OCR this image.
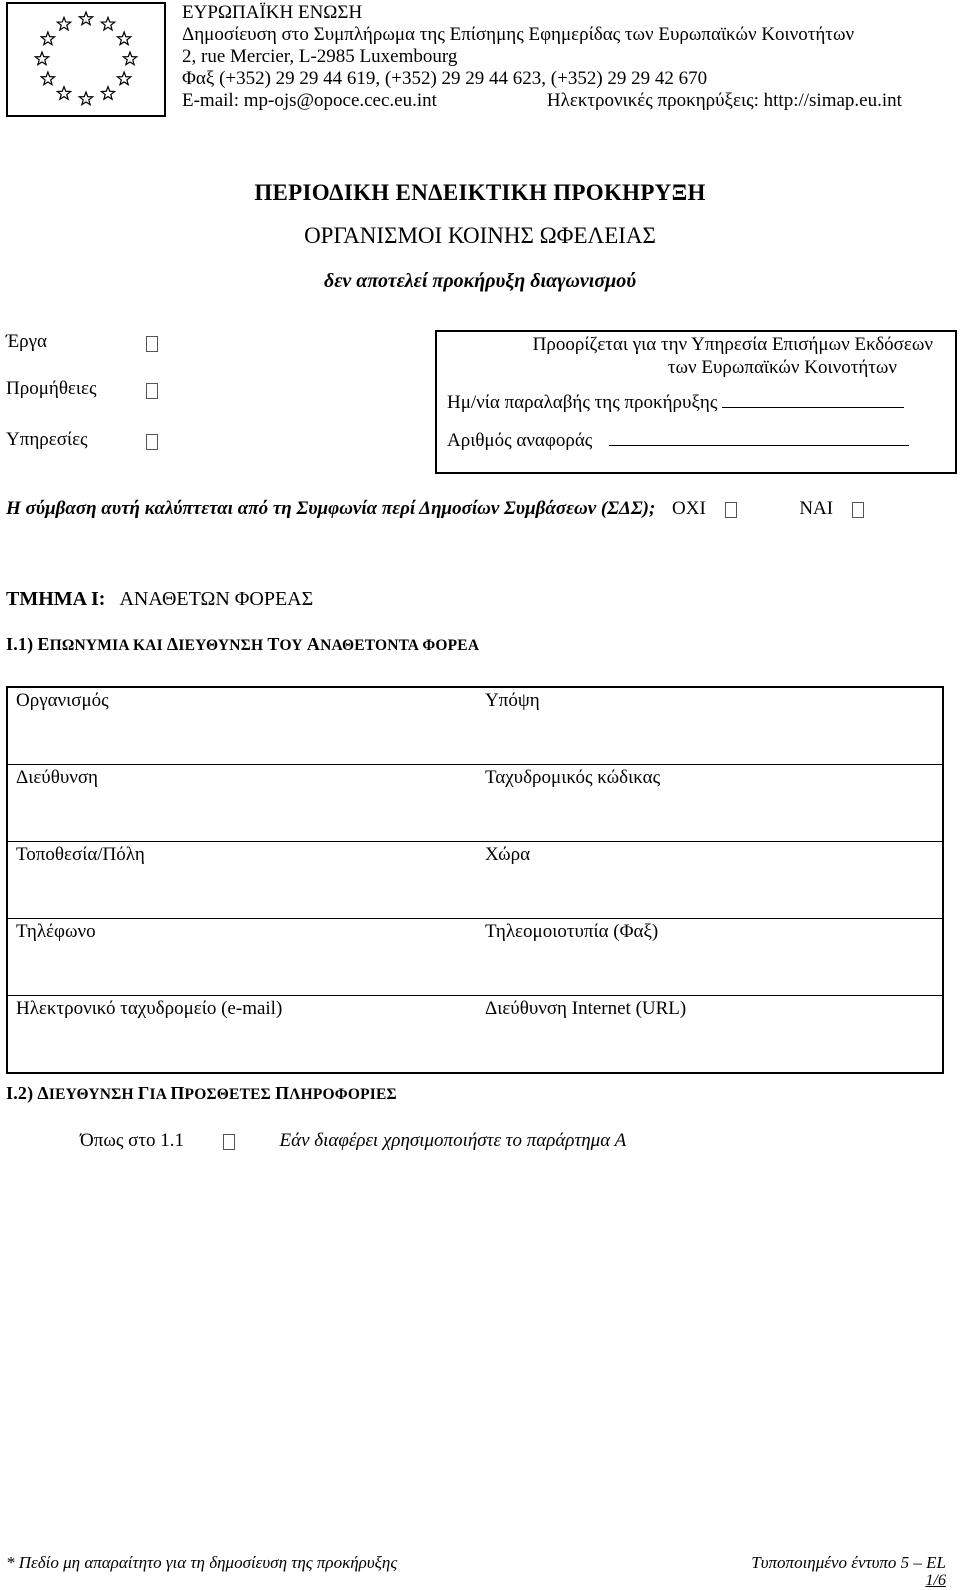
ΕΥΡΩΠΑΪΚΗ ΕΝΩΣΗ
Δημοσίευση στο Συμπλήρωμα της Επίσημης Εφημερίδας των Ευρωπαϊκών Κοινοτήτων
2, rue Mercier, L-2985 Luxembourg
Φαξ (+352) 29 29 44 619, (+352) 29 29 44 623, (+352) 29 29 42 670
E-mail: mp-ojs@opoce.cec.eu.int	Ηλεκτρονικές προκηρύξεις: http://simap.eu.int
ΠΕΡΙΟΔΙΚΗ ΕΝΔΕΙΚΤΙΚΗ ΠΡΟΚΗΡΥΞΗ
ΟΡΓΑΝΙΣΜΟΙ ΚΟΙΝΗΣ ΩΦΕΛΕΙΑΣ
δεν αποτελεί προκήρυξη διαγωνισμού
Έργα
Προμήθειες
Υπηρεσίες
Προορίζεται για την Υπηρεσία Επισήμων Εκδόσεων
των Ευρωπαϊκών Κοινοτήτων
Ημ/νία παραλαβής της προκήρυξης
Αριθμός αναφοράς
Η σύμβαση αυτή καλύπτεται από τη Συμφωνία περί Δημοσίων Συμβάσεων (ΣΔΣ); ΟΧΙ	ΝΑΙ
ΤΜΗΜΑ I: ΑΝΑΘΕΤΩΝ ΦΟΡΕΑΣ
I.1) ΕΠΩΝΥΜΙΑ ΚΑΙ ΔΙΕΥΘΥΝΣΗ ΤΟΥ ΑΝΑΘΕΤΟΝΤΑ ΦΟΡΕΑ
Οργανισμός	Υπόψη
Διεύθυνση	Ταχυδρομικός κώδικας
Τοποθεσία/Πόλη	Χώρα
Τηλέφωνο	Τηλεομοιοτυπία (Φαξ)
Ηλεκτρονικό ταχυδρομείο (e-mail)	Διεύθυνση Internet (URL)
I.2) ΔΙΕΥΘΥΝΣΗ ΓΙΑ ΠΡΟΣΘΕΤΕΣ ΠΛΗΡΟΦΟΡΙΕΣ
Όπως στο 1.1	Εάν διαφέρει χρησιμοποιήστε το παράρτημα Α
* Πεδίο μη απαραίτητο για τη δημοσίευση της προκήρυξης	Τυποποιημένο έντυπο 5 – EL
1/6
